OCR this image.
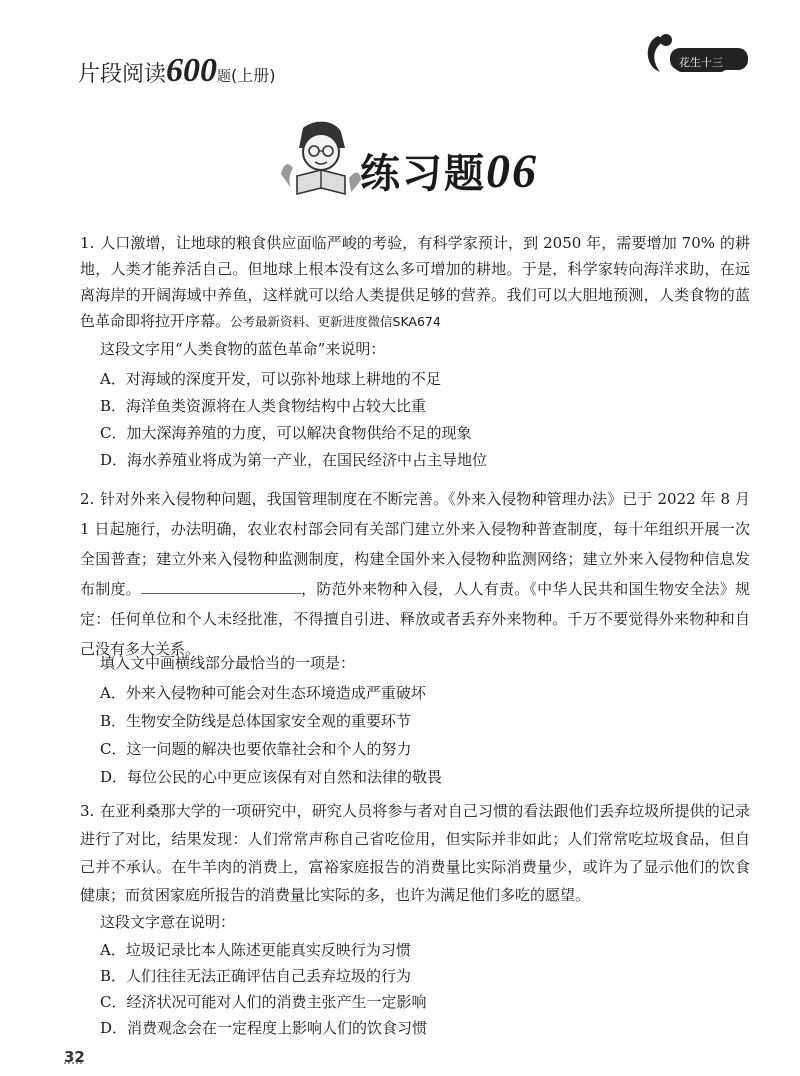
片段阅读600题(上册)
花生十三
练习题06

1. 人口激增，让地球的粮食供应面临严峻的考验，有科学家预计，到 2050 年，需要增加 70% 的耕地，人类才能养活自己。但地球上根本没有这么多可增加的耕地。于是，科学家转向海洋求助，在远离海岸的开阔海域中养鱼，这样就可以给人类提供足够的营养。我们可以大胆地预测，人类食物的蓝色革命即将拉开序幕。公考最新资料、更新进度微信SKA674

这段文字用“人类食物的蓝色革命”来说明：

A．对海域的深度开发，可以弥补地球上耕地的不足

B．海洋鱼类资源将在人类食物结构中占较大比重

C．加大深海养殖的力度，可以解决食物供给不足的现象

D．海水养殖业将成为第一产业，在国民经济中占主导地位

2. 针对外来入侵物种问题，我国管理制度在不断完善。《外来入侵物种管理办法》已于 2022 年 8 月 1 日起施行，办法明确，农业农村部会同有关部门建立外来入侵物种普查制度，每十年组织开展一次全国普查；建立外来入侵物种监测制度，构建全国外来入侵物种监测网络；建立外来入侵物种信息发布制度。	，防范外来物种入侵，人人有责。《中华人民共和国生物安全法》规定：任何单位和个人未经批准，不得擅自引进、释放或者丢弃外来物种。千万不要觉得外来物种和自己没有多大关系。

填入文中画横线部分最恰当的一项是：

A．外来入侵物种可能会对生态环境造成严重破坏

B．生物安全防线是总体国家安全观的重要环节

C．这一问题的解决也要依靠社会和个人的努力

D．每位公民的心中更应该保有对自然和法律的敬畏

3. 在亚利桑那大学的一项研究中，研究人员将参与者对自己习惯的看法跟他们丢弃垃圾所提供的记录进行了对比，结果发现：人们常常声称自己省吃俭用，但实际并非如此；人们常常吃垃圾食品，但自己并不承认。在牛羊肉的消费上，富裕家庭报告的消费量比实际消费量少，或许为了显示他们的饮食健康；而贫困家庭所报告的消费量比实际的多，也许为满足他们多吃的愿望。

这段文字意在说明：

A．垃圾记录比本人陈述更能真实反映行为习惯

B．人们往往无法正确评估自己丢弃垃圾的行为

C．经济状况可能对人们的消费主张产生一定影响

D．消费观念会在一定程度上影响人们的饮食习惯

32
